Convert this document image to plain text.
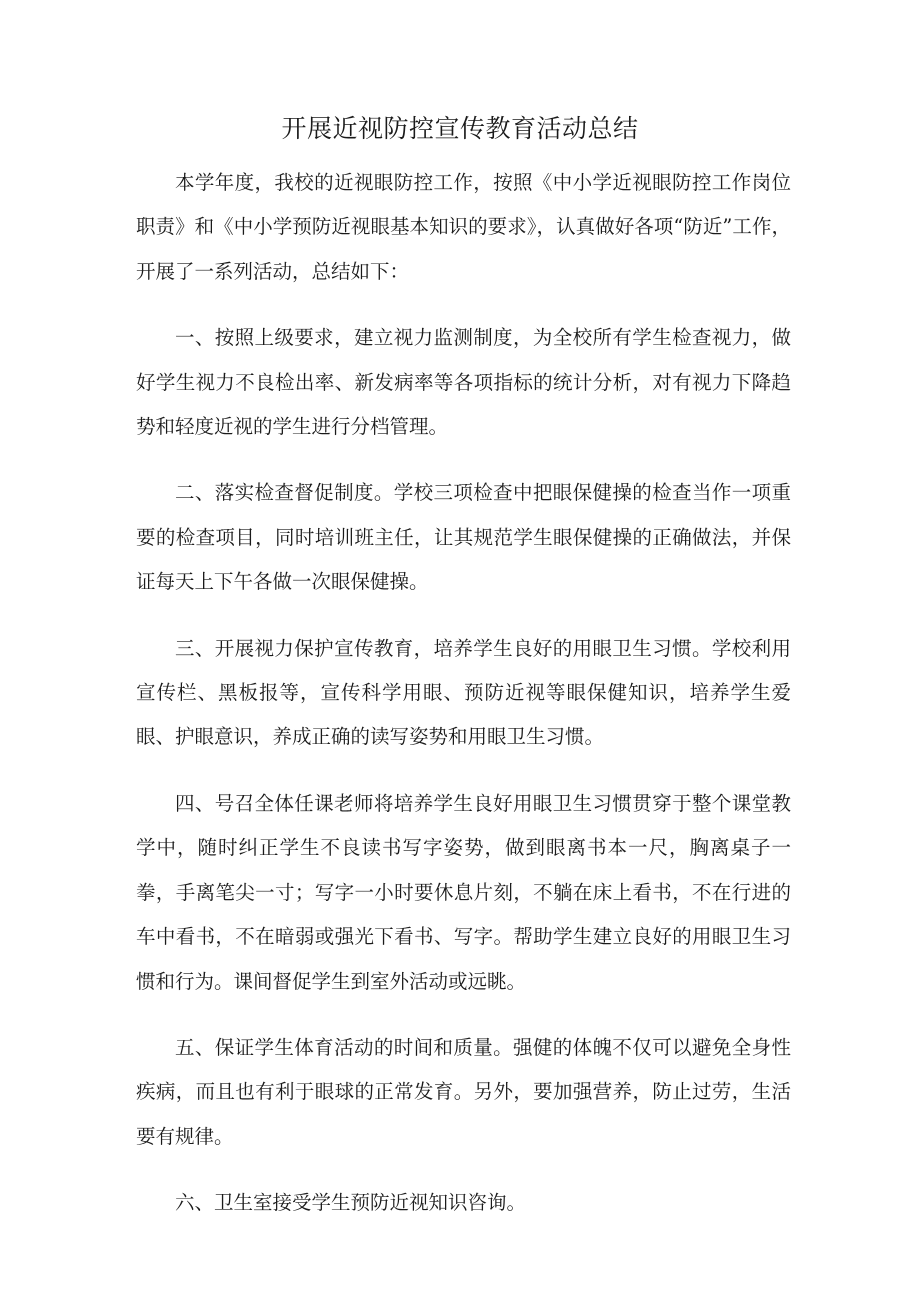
开展近视防控宣传教育活动总结

本学年度，我校的近视眼防控工作，按照《中小学近视眼防控工作岗位职责》和《中小学预防近视眼基本知识的要求》，认真做好各项“防近”工作，开展了一系列活动，总结如下：

一、按照上级要求，建立视力监测制度，为全校所有学生检查视力，做好学生视力不良检出率、新发病率等各项指标的统计分析，对有视力下降趋势和轻度近视的学生进行分档管理。

二、落实检查督促制度。学校三项检查中把眼保健操的检查当作一项重要的检查项目，同时培训班主任，让其规范学生眼保健操的正确做法，并保证每天上下午各做一次眼保健操。

三、开展视力保护宣传教育，培养学生良好的用眼卫生习惯。学校利用宣传栏、黑板报等，宣传科学用眼、预防近视等眼保健知识，培养学生爱眼、护眼意识，养成正确的读写姿势和用眼卫生习惯。

四、号召全体任课老师将培养学生良好用眼卫生习惯贯穿于整个课堂教学中，随时纠正学生不良读书写字姿势，做到眼离书本一尺，胸离桌子一拳，手离笔尖一寸；写字一小时要休息片刻，不躺在床上看书，不在行进的车中看书，不在暗弱或强光下看书、写字。帮助学生建立良好的用眼卫生习惯和行为。课间督促学生到室外活动或远眺。

五、保证学生体育活动的时间和质量。强健的体魄不仅可以避免全身性疾病，而且也有利于眼球的正常发育。另外，要加强营养，防止过劳，生活要有规律。

六、卫生室接受学生预防近视知识咨询。
